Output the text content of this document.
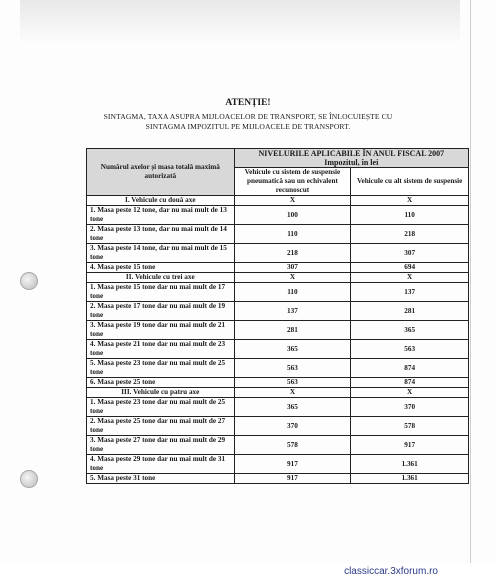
ATENȚIE!
SINTAGMA, TAXA ASUPRA MIJLOACELOR DE TRANSPORT, SE ÎNLOCUIEȘTE CU
SINTAGMA IMPOZITUL PE MIJLOACELE DE TRANSPORT.
Numărul axelor și masa totală maximă autorizată	NIVELURILE APLICABILE ÎN ANUL FISCAL 2007
Impozitul, în lei	

	Vehicule cu sistem de suspensie pneumatică sau un echivalent recunoscut	Vehicule cu alt sistem de suspensie
I. Vehicule cu două axe	X	X
1. Masa peste 12 tone, dar nu mai mult de 13 tone	100	110
2. Masa peste 13 tone, dar nu mai mult de 14 tone	110	218
3. Masa peste 14 tone, dar nu mai mult de 15 tone	218	307
4. Masa peste 15 tone	307	694
II. Vehicule cu trei axe	X	X
1. Masa peste 15 tone dar nu mai mult de 17 tone	110	137
2. Masa peste 17 tone dar nu mai mult de 19 tone	137	281
3. Masa peste 19 tone dar nu mai mult de 21 tone	281	365
4. Masa peste 21 tone dar nu mai mult de 23 tone	365	563
5. Masa peste 23 tone dar nu mai mult de 25 tone	563	874
6. Masa peste 25 tone	563	874
III. Vehicule cu patru axe	X	X
1. Masa peste 23 tone dar nu mai mult de 25 tone	365	370
2. Masa peste 25 tone dar nu mai mult de 27 tone	370	578
3. Masa peste 27 tone dar nu mai mult de 29 tone	578	917
4. Masa peste 29 tone dar nu mai mult de 31 tone	917	1.361
5. Masa peste 31 tone	917	1.361
classiccar.3xforum.ro
